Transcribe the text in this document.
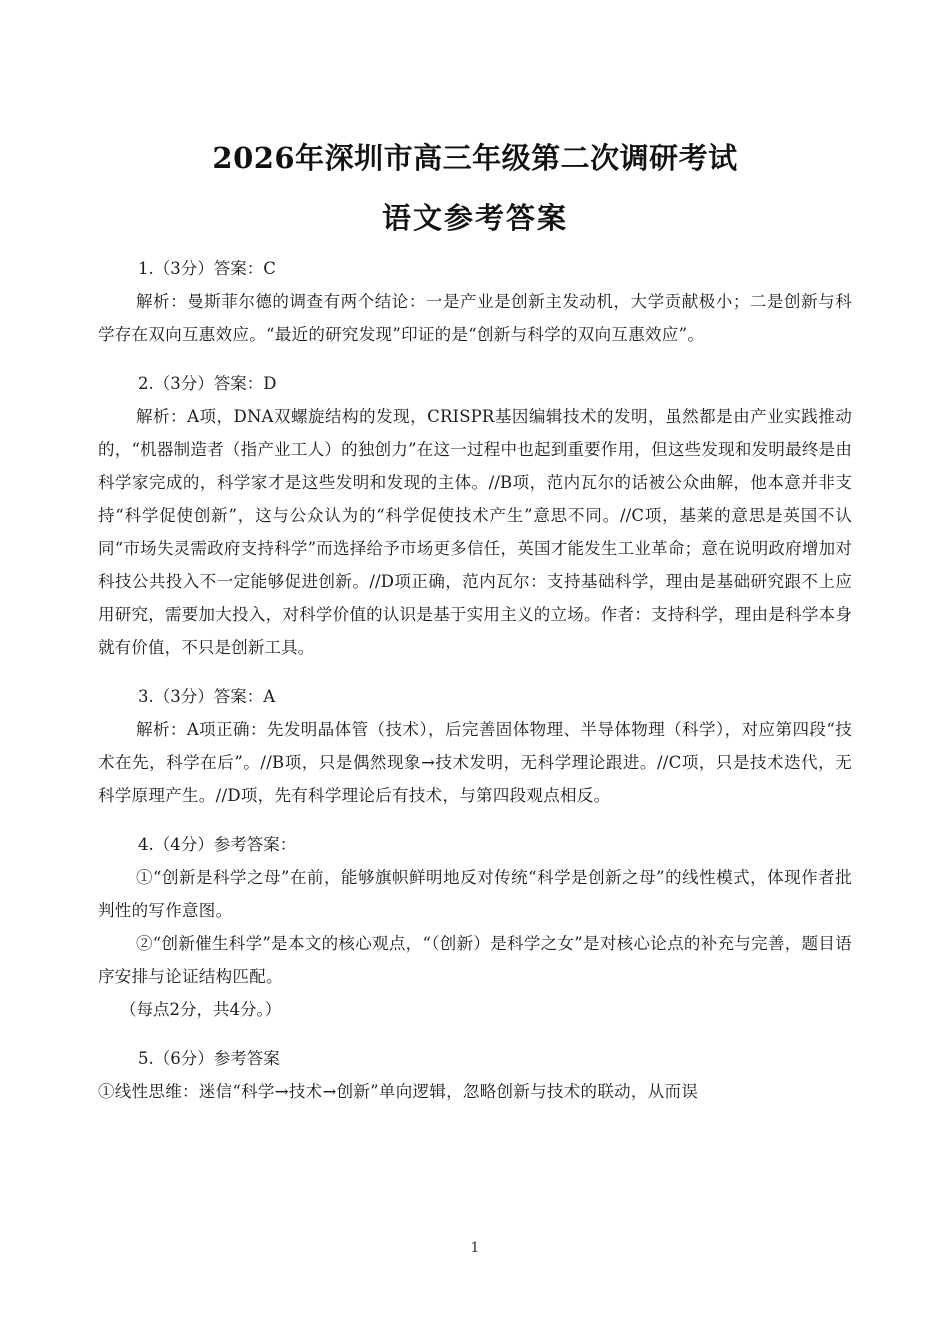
2026年深圳市高三年级第二次调研考试
语文参考答案

1.（3分）答案：C

解析：曼斯菲尔德的调查有两个结论：一是产业是创新主发动机，大学贡献极小；二是创新与科学存在双向互惠效应。“最近的研究发现”印证的是“创新与科学的双向互惠效应”。

2.（3分）答案：D

解析：A项，DNA双螺旋结构的发现，CRISPR基因编辑技术的发明，虽然都是由产业实践推动的，“机器制造者（指产业工人）的独创力”在这一过程中也起到重要作用，但这些发现和发明最终是由科学家完成的，科学家才是这些发明和发现的主体。//B项，范内瓦尔的话被公众曲解，他本意并非支持“科学促使创新”，这与公众认为的“科学促使技术产生”意思不同。//C项，基莱的意思是英国不认同“市场失灵需政府支持科学”而选择给予市场更多信任，英国才能发生工业革命；意在说明政府增加对科技公共投入不一定能够促进创新。//D项正确，范内瓦尔：支持基础科学，理由是基础研究跟不上应用研究，需要加大投入，对科学价值的认识是基于实用主义的立场。作者：支持科学，理由是科学本身就有价值，不只是创新工具。

3.（3分）答案：A

解析：A项正确：先发明晶体管（技术），后完善固体物理、半导体物理（科学），对应第四段“技术在先，科学在后”。//B项，只是偶然现象→技术发明，无科学理论跟进。//C项，只是技术迭代，无科学原理产生。//D项，先有科学理论后有技术，与第四段观点相反。

4.（4分）参考答案：

①“创新是科学之母”在前，能够旗帜鲜明地反对传统“科学是创新之母”的线性模式，体现作者批判性的写作意图。

②“创新催生科学”是本文的核心观点，“（创新）是科学之女”是对核心论点的补充与完善，题目语序安排与论证结构匹配。

（每点2分，共4分。）

5.（6分）参考答案

①线性思维：迷信“科学→技术→创新”单向逻辑，忽略创新与技术的联动，从而误

1
